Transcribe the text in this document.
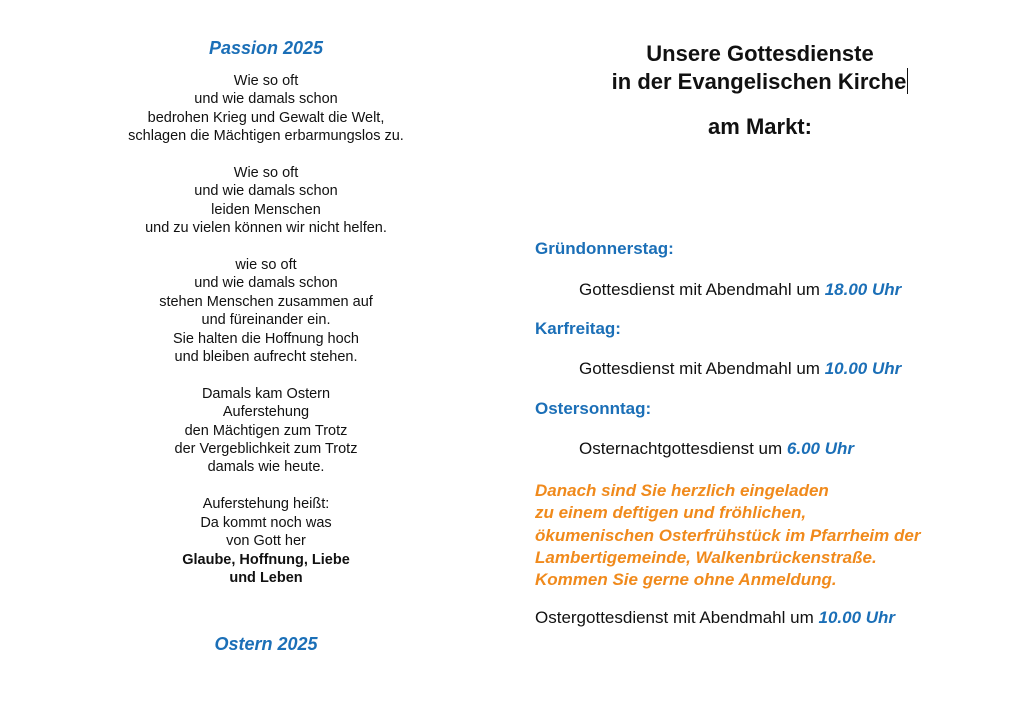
Passion 2025

Wie so oft
und wie damals schon
bedrohen Krieg und Gewalt die Welt,
schlagen die Mächtigen erbarmungslos zu.
Wie so oft
und wie damals schon
leiden Menschen
und zu vielen können wir nicht helfen.
wie so oft
und wie damals schon
stehen Menschen zusammen auf
und füreinander ein.
Sie halten die Hoffnung hoch
und bleiben aufrecht stehen.
Damals kam Ostern
Auferstehung
den Mächtigen zum Trotz
der Vergeblichkeit zum Trotz
damals wie heute.
Auferstehung heißt:
Da kommt noch was
von Gott her
Glaube, Hoffnung, Liebe
und Leben

Ostern 2025

Unsere Gottesdienste
in der Evangelischen Kirche
am Markt:

Gründonnerstag:

Gottesdienst mit Abendmahl um 18.00 Uhr

Karfreitag:

Gottesdienst mit Abendmahl um 10.00 Uhr

Ostersonntag:

Osternachtgottesdienst um 6.00 Uhr
Danach sind Sie herzlich eingeladen
zu einem deftigen und fröhlichen,
ökumenischen Osterfrühstück im Pfarrheim der
Lambertigemeinde, Walkenbrückenstraße.
Kommen Sie gerne ohne Anmeldung.
Ostergottesdienst mit Abendmahl um 10.00 Uhr
